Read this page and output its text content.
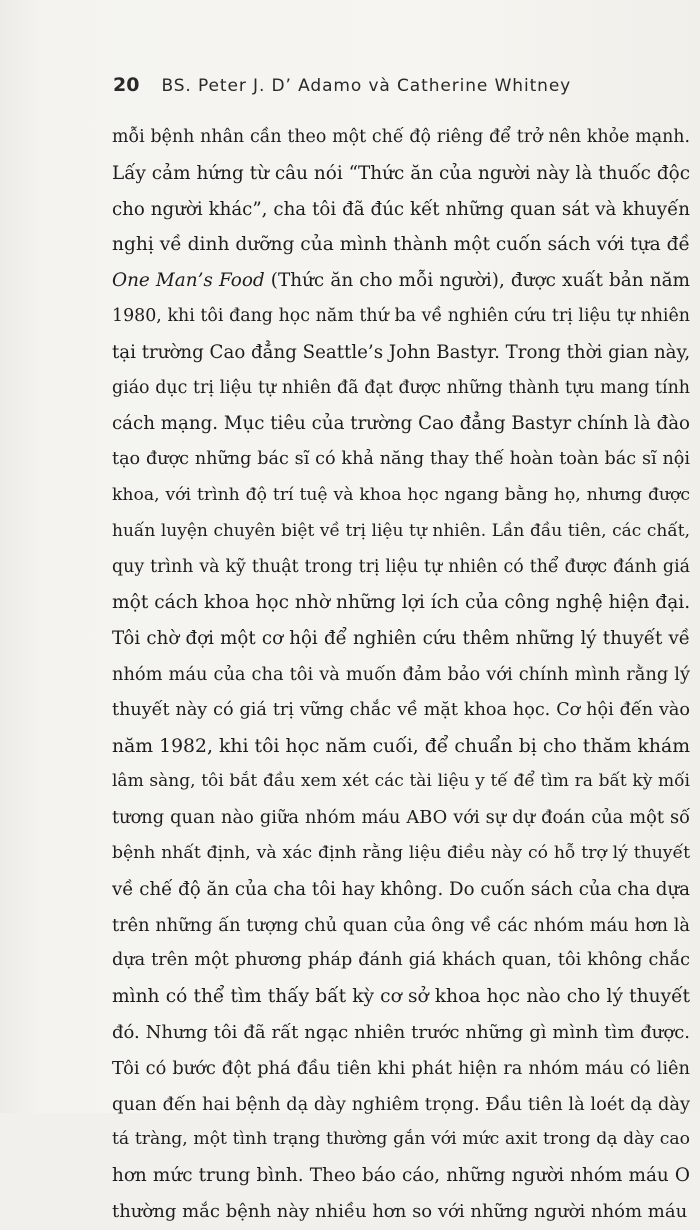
20 BS. Peter J. D’ Adamo và Catherine Whitney
mỗi bệnh nhân cần theo một chế độ riêng để trở nên khỏe mạnh.
Lấy cảm hứng từ câu nói “Thức ăn của người này là thuốc độc
cho người khác”, cha tôi đã đúc kết những quan sát và khuyến
nghị về dinh dưỡng của mình thành một cuốn sách với tựa đề
One Man’s Food (Thức ăn cho mỗi người), được xuất bản năm
1980, khi tôi đang học năm thứ ba về nghiên cứu trị liệu tự nhiên
tại trường Cao đẳng Seattle’s John Bastyr. Trong thời gian này,
giáo dục trị liệu tự nhiên đã đạt được những thành tựu mang tính
cách mạng. Mục tiêu của trường Cao đẳng Bastyr chính là đào
tạo được những bác sĩ có khả năng thay thế hoàn toàn bác sĩ nội
khoa, với trình độ trí tuệ và khoa học ngang bằng họ, nhưng được
huấn luyện chuyên biệt về trị liệu tự nhiên. Lần đầu tiên, các chất,
quy trình và kỹ thuật trong trị liệu tự nhiên có thể được đánh giá
một cách khoa học nhờ những lợi ích của công nghệ hiện đại.
Tôi chờ đợi một cơ hội để nghiên cứu thêm những lý thuyết về
nhóm máu của cha tôi và muốn đảm bảo với chính mình rằng lý
thuyết này có giá trị vững chắc về mặt khoa học. Cơ hội đến vào
năm 1982, khi tôi học năm cuối, để chuẩn bị cho thăm khám
lâm sàng, tôi bắt đầu xem xét các tài liệu y tế để tìm ra bất kỳ mối
tương quan nào giữa nhóm máu ABO với sự dự đoán của một số
bệnh nhất định, và xác định rằng liệu điều này có hỗ trợ lý thuyết
về chế độ ăn của cha tôi hay không. Do cuốn sách của cha dựa
trên những ấn tượng chủ quan của ông về các nhóm máu hơn là
dựa trên một phương pháp đánh giá khách quan, tôi không chắc
mình có thể tìm thấy bất kỳ cơ sở khoa học nào cho lý thuyết
đó. Nhưng tôi đã rất ngạc nhiên trước những gì mình tìm được.
Tôi có bước đột phá đầu tiên khi phát hiện ra nhóm máu có liên
quan đến hai bệnh dạ dày nghiêm trọng. Đầu tiên là loét dạ dày
tá tràng, một tình trạng thường gắn với mức axit trong dạ dày cao
hơn mức trung bình. Theo báo cáo, những người nhóm máu O
thường mắc bệnh này nhiều hơn so với những người nhóm máu
